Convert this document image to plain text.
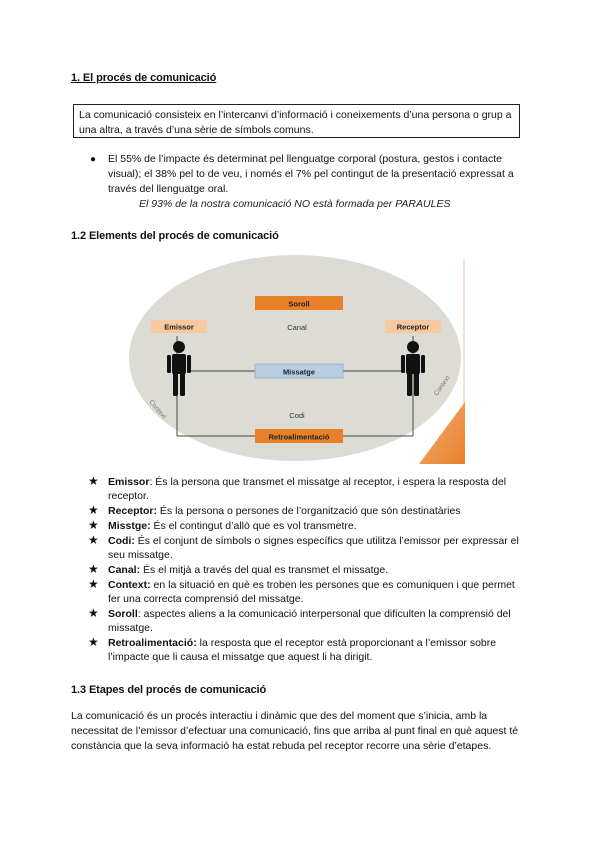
1. El procés de comunicació
La comunicació consisteix en l’intercanvi d’informació i coneixements d’una persona o grup a una altra, a través d’una sèrie de símbols comuns.
● El 55% de l’impacte és determinat pel llenguatge corporal (postura, gestos i contacte visual); el 38% pel to de veu, i només el 7% pel contingut de la presentació expressat a través del llenguatge oral.
El 93% de la nostra comunicació NO està formada per PARAULES
1.2 Elements del procés de comunicació
Soroll
Emissor	Receptor
Canal
Missatge
Codi
Retroalimentació
Context
Context
★ Emissor: És la persona que transmet el missatge al receptor, i espera la resposta del receptor.
★ Receptor: És la persona o persones de l’organització que són destinatàries
★ Misstge: És el contingut d’allò que es vol transmetre.
★ Codi: És el conjunt de símbols o signes específics que utilitza l’emissor per expressar el seu missatge.
★ Canal: És el mitjà a través del qual es transmet el missatge.
★ Context: en la situació en què es troben les persones que es comuniquen i que permet fer una correcta comprensió del missatge.
★ Soroll: aspectes aliens a la comunicació interpersonal que dificulten la comprensió del missatge.
★ Retroalimentació: la resposta que el receptor està proporcionant a l’emissor sobre l’impacte que li causa el missatge que aquest li ha dirigit.
1.3 Etapes del procés de comunicació
La comunicació és un procés interactiu i dinàmic que des del moment que s’inicia, amb la necessitat de l’emissor d’efectuar una comunicació, fins que arriba al punt final en què aquest té constància que la seva informació ha estat rebuda pel receptor recorre una sèrie d’etapes.
